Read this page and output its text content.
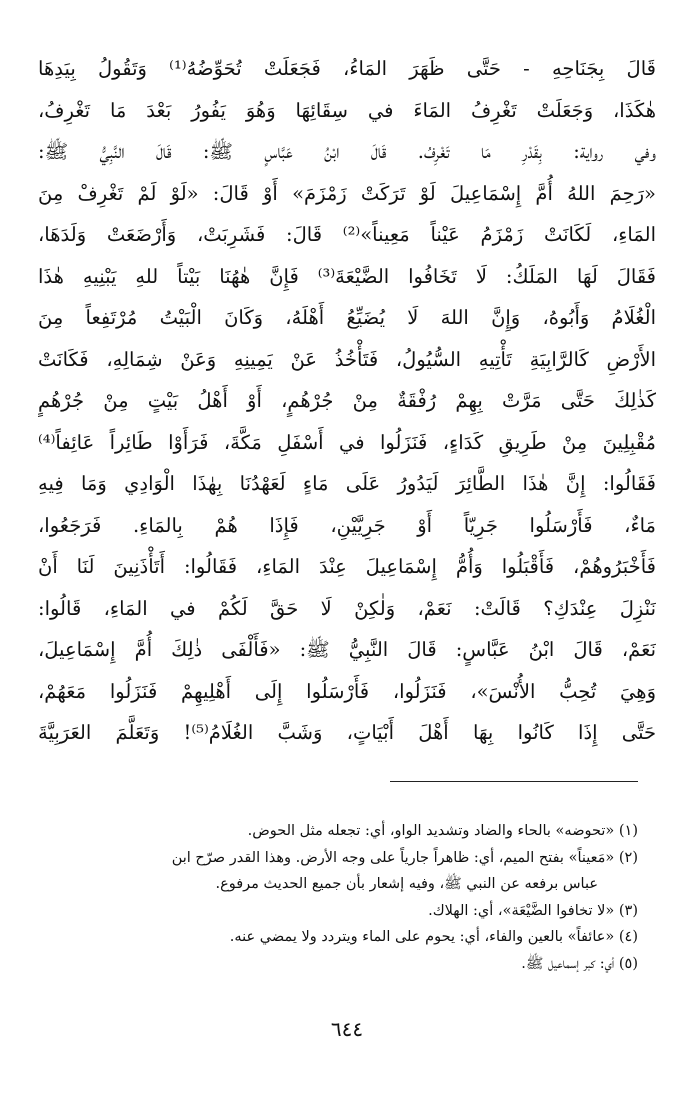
قَالَ بِجَنَاحِهِ - حَتَّى ظَهَرَ المَاءُ، فَجَعَلَتْ تُحَوِّضُهُ⁽¹⁾ وَتَقُولُ بِيَدِهَا
هٰكَذَا، وَجَعَلَتْ تَغْرِفُ المَاءَ في سِقَائِهَا وَهُوَ يَفُورُ بَعْدَ مَا تَغْرِفُ،
وفي رواية: بِقَدْرِ مَا تَغْرِفُ. قَالَ ابْنُ عَبَّاسٍ ﷺ: قَالَ النَّبِيُّ ﷺ:
«رَحِمَ اللهُ أُمَّ إِسْمَاعِيلَ لَوْ تَرَكَتْ زَمْزَمَ» أَوْ قَالَ: «لَوْ لَمْ تَغْرِفْ مِنَ
المَاءِ، لَكَانَتْ زَمْزَمُ عَيْناً مَعِيناً»⁽²⁾ قَالَ: فَشَرِبَتْ، وَأَرْضَعَتْ وَلَدَهَا،
فَقَالَ لَهَا المَلَكُ: لَا تَخَافُوا الضَّيْعَةَ⁽³⁾ فَإِنَّ هٰهُنَا بَيْتاً للهِ يَبْنِيهِ هٰذَا
الْغُلَامُ وَأَبُوهُ، وَإِنَّ اللهَ لَا يُضَيِّعُ أَهْلَهُ، وَكَانَ الْبَيْتُ مُرْتَفِعاً مِنَ
الأَرْضِ كَالرَّابِيَةِ تَأْتِيهِ السُّيُولُ، فَتَأْخُذُ عَنْ يَمِينِهِ وَعَنْ شِمَالِهِ، فَكَانَتْ
كَذٰلِكَ حَتَّى مَرَّتْ بِهِمْ رُفْقَةٌ مِنْ جُرْهُمٍ، أَوْ أَهْلُ بَيْتٍ مِنْ جُرْهُمٍ
مُقْبِلِينَ مِنْ طَرِيقِ كَدَاءٍ، فَنَزَلُوا في أَسْفَلِ مَكَّةَ، فَرَأَوْا طَائِراً عَائِفاً⁽⁴⁾
فَقَالُوا: إِنَّ هٰذَا الطَّائِرَ لَيَدُورُ عَلَى مَاءٍ لَعَهْدُنَا بِهٰذَا الْوَادِي وَمَا فِيهِ
مَاءٌ، فَأَرْسَلُوا جَرِيّاً أَوْ جَرِيَّيْنِ، فَإِذَا هُمْ بِالمَاءِ. فَرَجَعُوا،
فَأَخْبَرُوهُمْ، فَأَقْبَلُوا وَأُمُّ إِسْمَاعِيلَ عِنْدَ المَاءِ، فَقَالُوا: أَتَأْذَنِينَ لَنَا أَنْ
نَنْزِلَ عِنْدَكِ؟ قَالَتْ: نَعَمْ، وَلٰكِنْ لَا حَقَّ لَكُمْ في المَاءِ، قَالُوا:
نَعَمْ، قَالَ ابْنُ عَبَّاسٍ: قَالَ النَّبِيُّ ﷺ: «فَأَلْفَى ذٰلِكَ أُمَّ إِسْمَاعِيلَ،
وَهِيَ تُحِبُّ الأُنْسَ»، فَنَزَلُوا، فَأَرْسَلُوا إِلَى أَهْلِيهِمْ فَنَزَلُوا مَعَهُمْ،
حَتَّى إِذَا كَانُوا بِهَا أَهْلَ أَبْيَاتٍ، وَشَبَّ الغُلَامُ⁽⁵⁾! وَتَعَلَّمَ العَرَبِيَّةَ
(١) «تحوضه» بالحاء والضاد وتشديد الواو، أي: تجعله مثل الحوض.
(٢) «مَعيناً» بفتح الميم، أي: ظاهراً جارياً على وجه الأرض. وهذا القدر صرّح ابن
عباس برفعه عن النبي ﷺ، وفيه إشعار بأن جميع الحديث مرفوع.
(٣) «لا تخافوا الضَّيْعَة»، أي: الهلاك.
(٤) «عائفاً» بالعين والفاء، أي: يحوم على الماء ويتردد ولا يمضي عنه.
(٥) أي: كبر إسماعيل ﷺ.
٦٤٤
